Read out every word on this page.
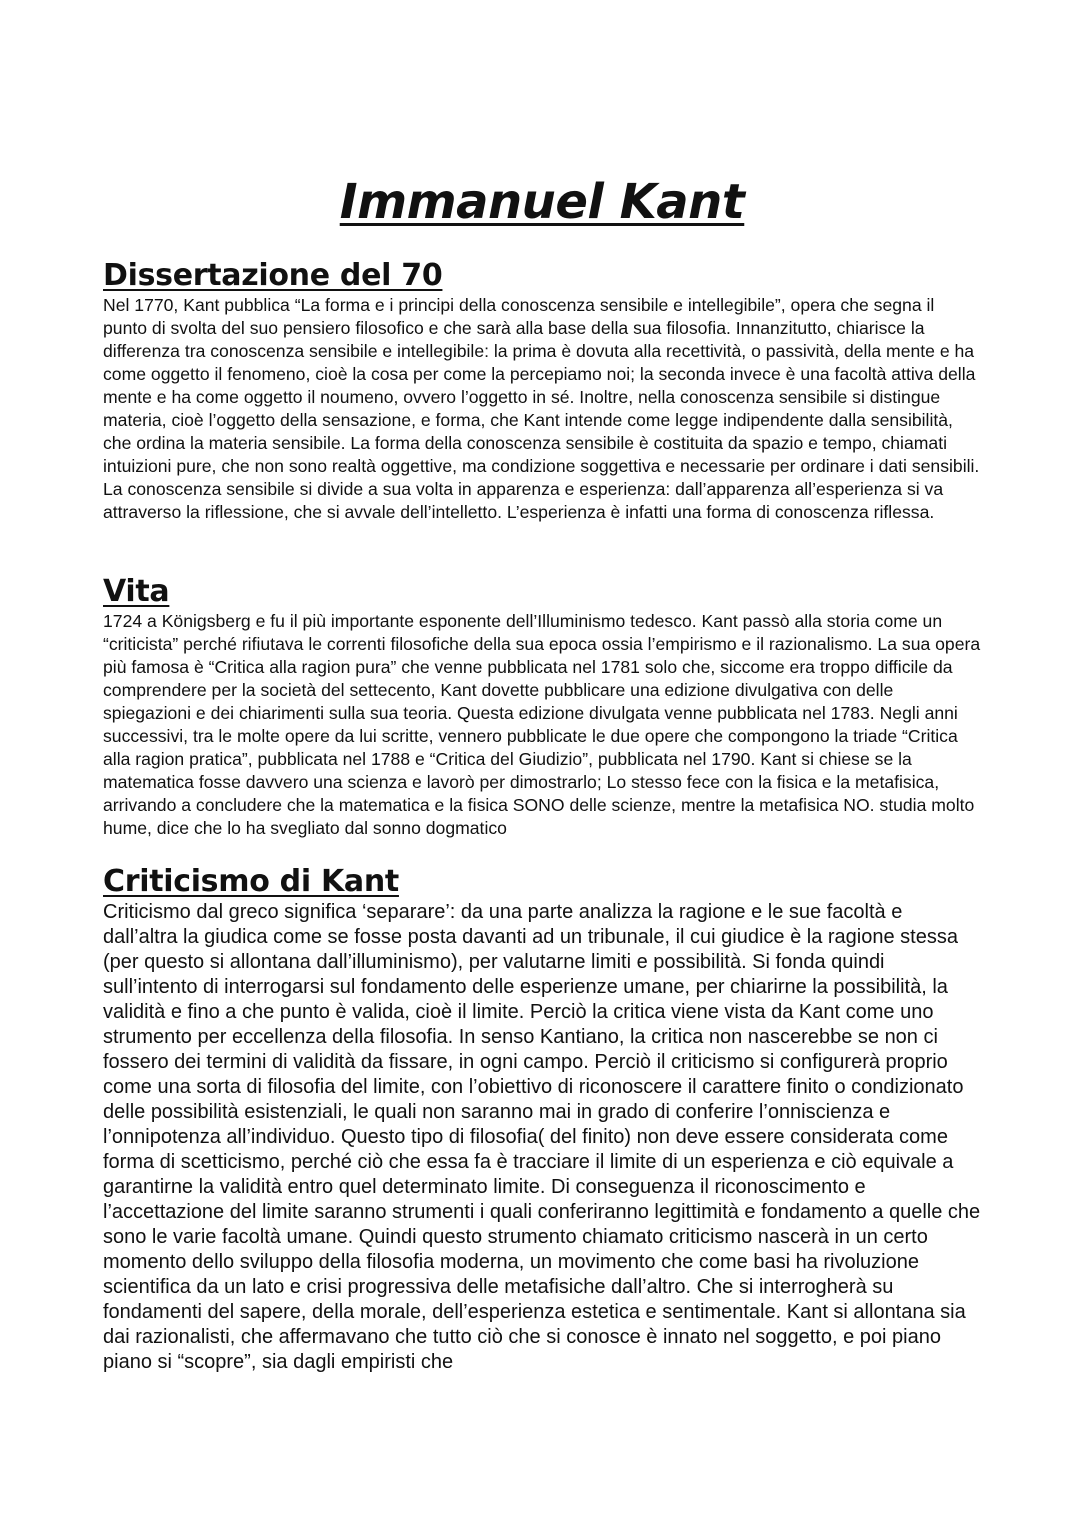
Immanuel Kant
Dissertazione del 70

Nel 1770, Kant pubblica “La forma e i principi della conoscenza sensibile e intellegibile”, opera che segna il punto di svolta del suo pensiero filosofico e che sarà alla base della sua filosofia. Innanzitutto, chiarisce la differenza tra conoscenza sensibile e intellegibile: la prima è dovuta alla recettività, o passività, della mente e ha come oggetto il fenomeno, cioè la cosa per come la percepiamo noi; la seconda invece è una facoltà attiva della mente e ha come oggetto il noumeno, ovvero l’oggetto in sé. Inoltre, nella conoscenza sensibile si distingue materia, cioè l’oggetto della sensazione, e forma, che Kant intende come legge indipendente dalla sensibilità, che ordina la materia sensibile. La forma della conoscenza sensibile è costituita da spazio e tempo, chiamati intuizioni pure, che non sono realtà oggettive, ma condizione soggettiva e necessarie per ordinare i dati sensibili. La conoscenza sensibile si divide a sua volta in apparenza e esperienza: dall’apparenza all’esperienza si va attraverso la riflessione, che si avvale dell’intelletto. L’esperienza è infatti una forma di conoscenza riflessa.

Vita

1724 a Königsberg e fu il più importante esponente dell’Illuminismo tedesco. Kant passò alla storia come un “criticista” perché rifiutava le correnti filosofiche della sua epoca ossia l’empirismo e il razionalismo. La sua opera più famosa è “Critica alla ragion pura” che venne pubblicata nel 1781 solo che, siccome era troppo difficile da comprendere per la società del settecento, Kant dovette pubblicare una edizione divulgativa con delle spiegazioni e dei chiarimenti sulla sua teoria. Questa edizione divulgata venne pubblicata nel 1783. Negli anni successivi, tra le molte opere da lui scritte, vennero pubblicate le due opere che compongono la triade “Critica alla ragion pratica”, pubblicata nel 1788 e “Critica del Giudizio”, pubblicata nel 1790. Kant si chiese se la matematica fosse davvero una scienza e lavorò per dimostrarlo; Lo stesso fece con la fisica e la metafisica, arrivando a concludere che la matematica e la fisica SONO delle scienze, mentre la metafisica NO. studia molto hume, dice che lo ha svegliato dal sonno dogmatico

Criticismo di Kant

Criticismo dal greco significa ‘separare’: da una parte analizza la ragione e le sue facoltà e dall’altra la giudica come se fosse posta davanti ad un tribunale, il cui giudice è la ragione stessa (per questo si allontana dall’illuminismo), per valutarne limiti e possibilità. Si fonda quindi sull’intento di interrogarsi sul fondamento delle esperienze umane, per chiarirne la possibilità, la validità e fino a che punto è valida, cioè il limite. Perciò la critica viene vista da Kant come uno strumento per eccellenza della filosofia. In senso Kantiano, la critica non nascerebbe se non ci fossero dei termini di validità da fissare, in ogni campo. Perciò il criticismo si configurerà proprio come una sorta di filosofia del limite, con l’obiettivo di riconoscere il carattere finito o condizionato delle possibilità esistenziali, le quali non saranno mai in grado di conferire l’onniscienza e l’onnipotenza all’individuo. Questo tipo di filosofia( del finito) non deve essere considerata come forma di scetticismo, perché ciò che essa fa è tracciare il limite di un esperienza e ciò equivale a garantirne la validità entro quel determinato limite. Di conseguenza il riconoscimento e l’accettazione del limite saranno strumenti i quali conferiranno legittimità e fondamento a quelle che sono le varie facoltà umane. Quindi questo strumento chiamato criticismo nascerà in un certo momento dello sviluppo della filosofia moderna, un movimento che come basi ha rivoluzione scientifica da un lato e crisi progressiva delle metafisiche dall’altro. Che si interrogherà su fondamenti del sapere, della morale, dell’esperienza estetica e sentimentale. Kant si allontana sia dai razionalisti, che affermavano che tutto ciò che si conosce è innato nel soggetto, e poi piano piano si “scopre”, sia dagli empiristi che
